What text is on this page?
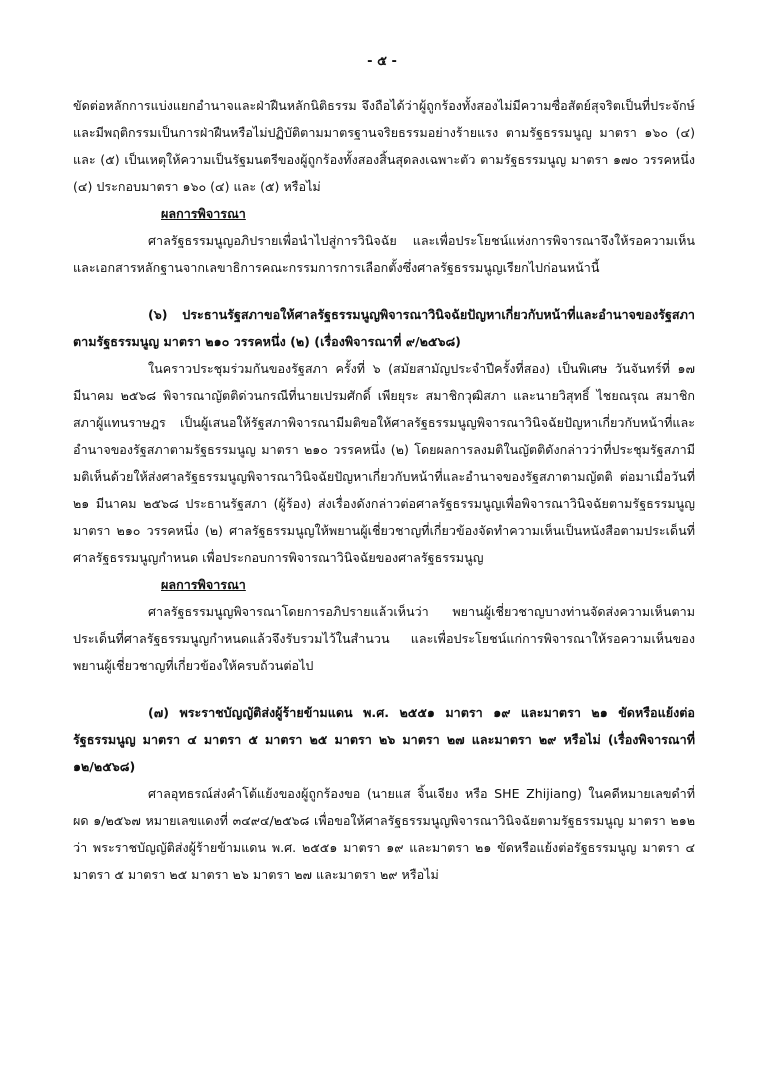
- ๕ -

ขัดต่อหลักการแบ่งแยกอำนาจและฝ่าฝืนหลักนิติธรรม จึงถือได้ว่าผู้ถูกร้องทั้งสองไม่มีความซื่อสัตย์สุจริตเป็นที่ประจักษ์และมีพฤติกรรมเป็นการฝ่าฝืนหรือไม่ปฏิบัติตามมาตรฐานจริยธรรมอย่างร้ายแรง ตามรัฐธรรมนูญ มาตรา ๑๖๐ (๔) และ (๕) เป็นเหตุให้ความเป็นรัฐมนตรีของผู้ถูกร้องทั้งสองสิ้นสุดลงเฉพาะตัว ตามรัฐธรรมนูญ มาตรา ๑๗๐ วรรคหนึ่ง (๔) ประกอบมาตรา ๑๖๐ (๔) และ (๕) หรือไม่

ผลการพิจารณา

ศาลรัฐธรรมนูญอภิปรายเพื่อนำไปสู่การวินิจฉัย และเพื่อประโยชน์แห่งการพิจารณาจึงให้รอความเห็นและเอกสารหลักฐานจากเลขาธิการคณะกรรมการการเลือกตั้งซึ่งศาลรัฐธรรมนูญเรียกไปก่อนหน้านี้

(๖) ประธานรัฐสภาขอให้ศาลรัฐธรรมนูญพิจารณาวินิจฉัยปัญหาเกี่ยวกับหน้าที่และอำนาจของรัฐสภาตามรัฐธรรมนูญ มาตรา ๒๑๐ วรรคหนึ่ง (๒) (เรื่องพิจารณาที่ ๙/๒๕๖๘)

ในคราวประชุมร่วมกันของรัฐสภา ครั้งที่ ๖ (สมัยสามัญประจำปีครั้งที่สอง) เป็นพิเศษ วันจันทร์ที่ ๑๗ มีนาคม ๒๕๖๘ พิจารณาญัตติด่วนกรณีที่นายเปรมศักดิ์ เพียยุระ สมาชิกวุฒิสภา และนายวิสุทธิ์ ไชยณรุณ สมาชิกสภาผู้แทนราษฎร เป็นผู้เสนอให้รัฐสภาพิจารณามีมติขอให้ศาลรัฐธรรมนูญพิจารณาวินิจฉัยปัญหาเกี่ยวกับหน้าที่และอำนาจของรัฐสภาตามรัฐธรรมนูญ มาตรา ๒๑๐ วรรคหนึ่ง (๒) โดยผลการลงมติในญัตติดังกล่าวว่าที่ประชุมรัฐสภามีมติเห็นด้วยให้ส่งศาลรัฐธรรมนูญพิจารณาวินิจฉัยปัญหาเกี่ยวกับหน้าที่และอำนาจของรัฐสภาตามญัตติ ต่อมาเมื่อวันที่ ๒๑ มีนาคม ๒๕๖๘ ประธานรัฐสภา (ผู้ร้อง) ส่งเรื่องดังกล่าวต่อศาลรัฐธรรมนูญเพื่อพิจารณาวินิจฉัยตามรัฐธรรมนูญ มาตรา ๒๑๐ วรรคหนึ่ง (๒) ศาลรัฐธรรมนูญให้พยานผู้เชี่ยวชาญที่เกี่ยวข้องจัดทำความเห็นเป็นหนังสือตามประเด็นที่ศาลรัฐธรรมนูญกำหนด เพื่อประกอบการพิจารณาวินิจฉัยของศาลรัฐธรรมนูญ

ผลการพิจารณา

ศาลรัฐธรรมนูญพิจารณาโดยการอภิปรายแล้วเห็นว่า พยานผู้เชี่ยวชาญบางท่านจัดส่งความเห็นตามประเด็นที่ศาลรัฐธรรมนูญกำหนดแล้วจึงรับรวมไว้ในสำนวน และเพื่อประโยชน์แก่การพิจารณาให้รอความเห็นของพยานผู้เชี่ยวชาญที่เกี่ยวข้องให้ครบถ้วนต่อไป

(๗) พระราชบัญญัติส่งผู้ร้ายข้ามแดน พ.ศ. ๒๕๕๑ มาตรา ๑๙ และมาตรา ๒๑ ขัดหรือแย้งต่อรัฐธรรมนูญ มาตรา ๔ มาตรา ๕ มาตรา ๒๕ มาตรา ๒๖ มาตรา ๒๗ และมาตรา ๒๙ หรือไม่ (เรื่องพิจารณาที่ ๑๒/๒๕๖๘)

ศาลอุทธรณ์ส่งคำโต้แย้งของผู้ถูกร้องขอ (นายแส จิ้นเจียง หรือ SHE Zhijiang) ในคดีหมายเลขดำที่ ผด ๑/๒๕๖๗ หมายเลขแดงที่ ๓๔๙๔/๒๕๖๘ เพื่อขอให้ศาลรัฐธรรมนูญพิจารณาวินิจฉัยตามรัฐธรรมนูญ มาตรา ๒๑๒ ว่า พระราชบัญญัติส่งผู้ร้ายข้ามแดน พ.ศ. ๒๕๕๑ มาตรา ๑๙ และมาตรา ๒๑ ขัดหรือแย้งต่อรัฐธรรมนูญ มาตรา ๔ มาตรา ๕ มาตรา ๒๕ มาตรา ๒๖ มาตรา ๒๗ และมาตรา ๒๙ หรือไม่
